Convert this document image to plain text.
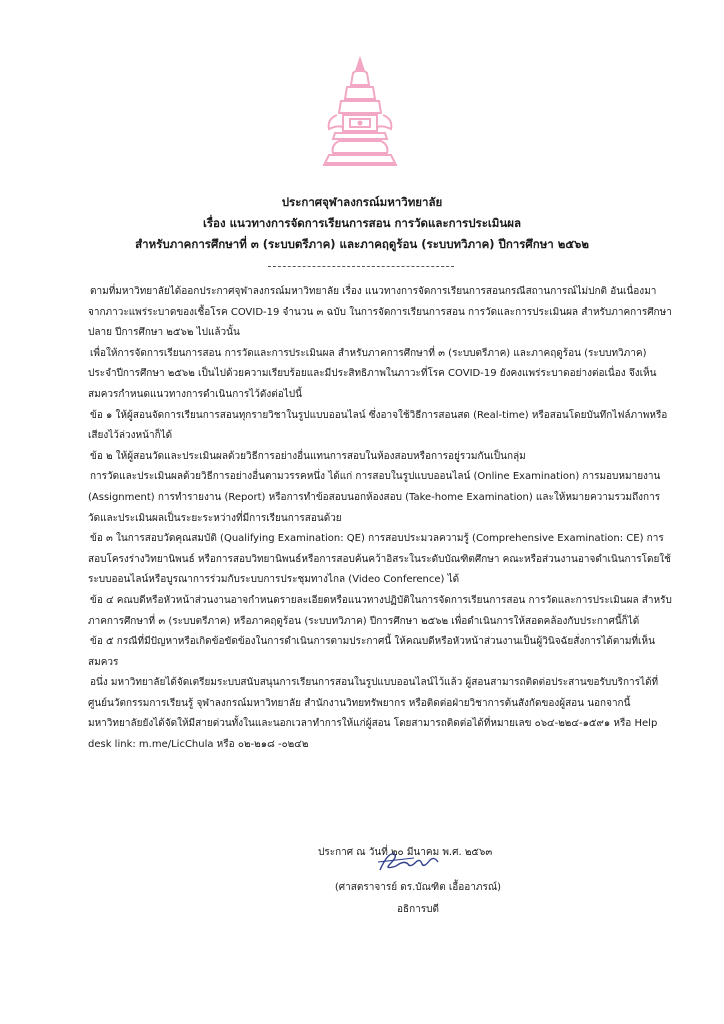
ประกาศจุฬาลงกรณ์มหาวิทยาลัย
เรื่อง แนวทางการจัดการเรียนการสอน การวัดและการประเมินผล
สำหรับภาคการศึกษาที่ ๓ (ระบบตรีภาค) และภาคฤดูร้อน (ระบบทวิภาค) ปีการศึกษา ๒๕๖๒

ตามที่มหาวิทยาลัยได้ออกประกาศจุฬาลงกรณ์มหาวิทยาลัย เรื่อง แนวทางการจัดการเรียนการสอนกรณีสถานการณ์ไม่ปกติ อันเนื่องมาจากภาวะแพร่ระบาดของเชื้อโรค COVID-19 จำนวน ๓ ฉบับ ในการจัดการเรียนการสอน การวัดและการประเมินผล สำหรับภาคการศึกษาปลาย ปีการศึกษา ๒๕๖๒ ไปแล้วนั้น

เพื่อให้การจัดการเรียนการสอน การวัดและการประเมินผล สำหรับภาคการศึกษาที่ ๓ (ระบบตรีภาค) และภาคฤดูร้อน (ระบบทวิภาค) ประจำปีการศึกษา ๒๕๖๒ เป็นไปด้วยความเรียบร้อยและมีประสิทธิภาพในภาวะที่โรค COVID-19 ยังคงแพร่ระบาดอย่างต่อเนื่อง จึงเห็นสมควรกำหนดแนวทางการดำเนินการไว้ดังต่อไปนี้

ข้อ ๑ ให้ผู้สอนจัดการเรียนการสอนทุกรายวิชาในรูปแบบออนไลน์ ซึ่งอาจใช้วิธีการสอนสด (Real-time) หรือสอนโดยบันทึกไฟล์ภาพหรือเสียงไว้ล่วงหน้าก็ได้

ข้อ ๒ ให้ผู้สอนวัดและประเมินผลด้วยวิธีการอย่างอื่นแทนการสอบในห้องสอบหรือการอยู่รวมกันเป็นกลุ่ม

การวัดและประเมินผลด้วยวิธีการอย่างอื่นตามวรรคหนึ่ง ได้แก่ การสอบในรูปแบบออนไลน์ (Online Examination) การมอบหมายงาน (Assignment) การทำรายงาน (Report) หรือการทำข้อสอบนอกห้องสอบ (Take-home Examination) และให้หมายความรวมถึงการวัดและประเมินผลเป็นระยะระหว่างที่มีการเรียนการสอนด้วย

ข้อ ๓ ในการสอบวัดคุณสมบัติ (Qualifying Examination: QE) การสอบประมวลความรู้ (Comprehensive Examination: CE) การสอบโครงร่างวิทยานิพนธ์ หรือการสอบวิทยานิพนธ์หรือการสอบค้นคว้าอิสระในระดับบัณฑิตศึกษา คณะหรือส่วนงานอาจดำเนินการโดยใช้ระบบออนไลน์หรือบูรณาการร่วมกับระบบการประชุมทางไกล (Video Conference) ได้

ข้อ ๔ คณบดีหรือหัวหน้าส่วนงานอาจกำหนดรายละเอียดหรือแนวทางปฏิบัติในการจัดการเรียนการสอน การวัดและการประเมินผล สำหรับภาคการศึกษาที่ ๓ (ระบบตรีภาค) หรือภาคฤดูร้อน (ระบบทวิภาค) ปีการศึกษา ๒๕๖๒ เพื่อดำเนินการให้สอดคล้องกับประกาศนี้ก็ได้

ข้อ ๕ กรณีที่มีปัญหาหรือเกิดข้อขัดข้องในการดำเนินการตามประกาศนี้ ให้คณบดีหรือหัวหน้าส่วนงานเป็นผู้วินิจฉัยสั่งการได้ตามที่เห็นสมควร

อนึ่ง มหาวิทยาลัยได้จัดเตรียมระบบสนับสนุนการเรียนการสอนในรูปแบบออนไลน์ไว้แล้ว ผู้สอนสามารถติดต่อประสานขอรับบริการได้ที่ศูนย์นวัตกรรมการเรียนรู้ จุฬาลงกรณ์มหาวิทยาลัย สำนักงานวิทยทรัพยากร หรือติดต่อฝ่ายวิชาการต้นสังกัดของผู้สอน นอกจากนี้มหาวิทยาลัยยังได้จัดให้มีสายด่วนทั้งในและนอกเวลาทำการให้แก่ผู้สอน โดยสามารถติดต่อได้ที่หมายเลข ๐๖๔-๒๒๔-๑๕๙๑ หรือ Help desk link: m.me/LicChula หรือ ๐๒-๒๑๘ -๐๒๔๒

ประกาศ ณ วันที่ ๒๐ มีนาคม พ.ศ. ๒๕๖๓
(ศาสตราจารย์ ดร.บัณฑิต เอื้ออาภรณ์)
อธิการบดี
